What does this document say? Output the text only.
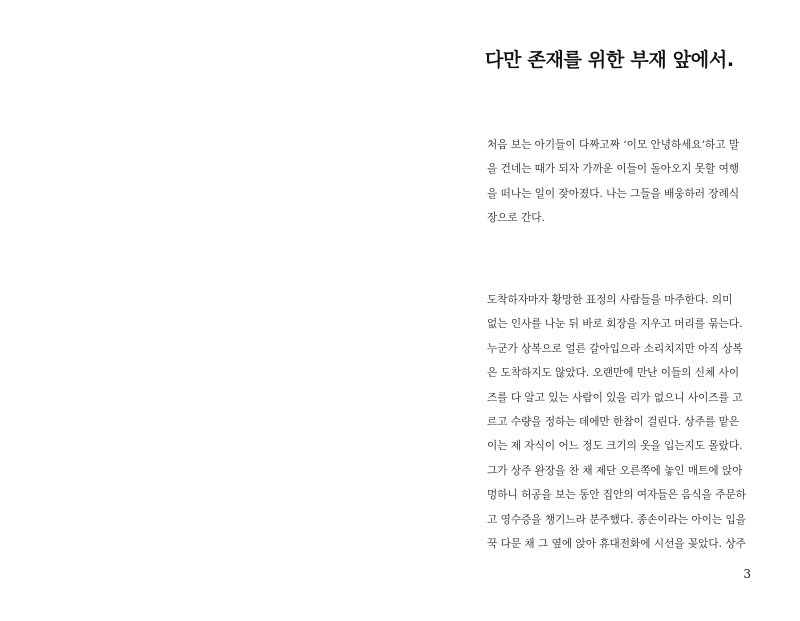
다만 존재를 위한 부재 앞에서.
처음 보는 아기들이 다짜고짜 ‘이모 안녕하세요’하고 말
을 건네는 때가 되자 가까운 이들이 돌아오지 못할 여행
을 떠나는 일이 잦아졌다. 나는 그들을 배웅하러 장례식
장으로 간다.
도착하자마자 황망한 표정의 사람들을 마주한다. 의미
없는 인사를 나눈 뒤 바로 회장을 지우고 머리를 묶는다.
누군가 상복으로 얼른 갈아입으라 소리치지만 아직 상복
은 도착하지도 않았다. 오랜만에 만난 이들의 신체 사이
즈를 다 알고 있는 사람이 있을 리가 없으니 사이즈를 고
르고 수량을 정하는 데에만 한참이 걸린다. 상주를 맡은
이는 제 자식이 어느 정도 크기의 옷을 입는지도 몰랐다.
그가 상주 완장을 찬 채 제단 오른쪽에 놓인 매트에 앉아
멍하니 허공을 보는 동안 집안의 여자들은 음식을 주문하
고 영수증을 챙기느라 분주했다. 종손이라는 아이는 입을
꾹 다문 채 그 옆에 앉아 휴대전화에 시선을 꽂았다. 상주
3
